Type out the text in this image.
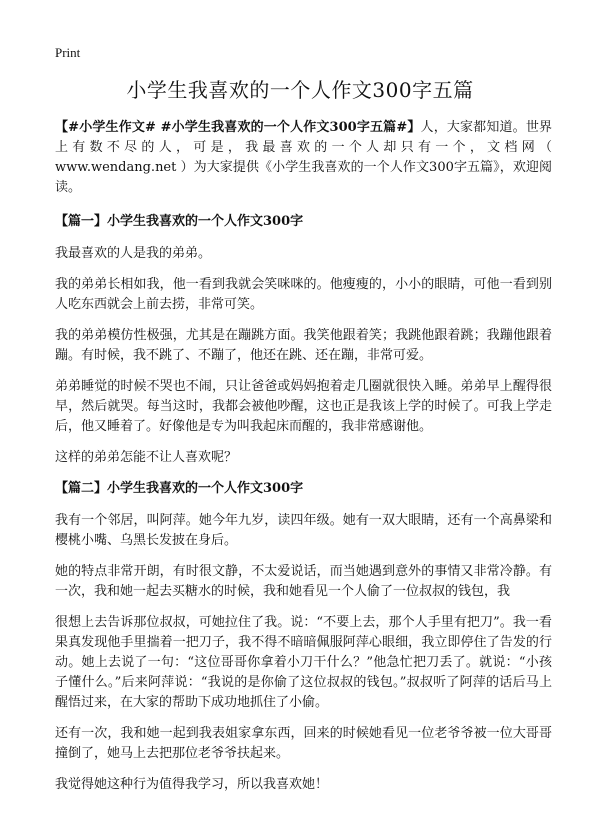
Print
小学生我喜欢的一个人作文300字五篇

【#小学生作文# #小学生我喜欢的一个人作文300字五篇#】人，大家都知道。世界上有数不尽的人，可是，我最喜欢的一个人却只有一个，文档网（ www.wendang.net ）为大家提供《小学生我喜欢的一个人作文300字五篇》，欢迎阅读。

【篇一】小学生我喜欢的一个人作文300字

我最喜欢的人是我的弟弟。

我的弟弟长相如我，他一看到我就会笑咪咪的。他瘦瘦的，小小的眼睛，可他一看到别人吃东西就会上前去捞，非常可笑。

我的弟弟模仿性极强，尤其是在蹦跳方面。我笑他跟着笑；我跳他跟着跳；我蹦他跟着蹦。有时候，我不跳了、不蹦了，他还在跳、还在蹦，非常可爱。

弟弟睡觉的时候不哭也不闹，只让爸爸或妈妈抱着走几圈就很快入睡。弟弟早上醒得很早，然后就哭。每当这时，我都会被他吵醒，这也正是我该上学的时候了。可我上学走后，他又睡着了。好像他是专为叫我起床而醒的，我非常感谢他。

这样的弟弟怎能不让人喜欢呢？

【篇二】小学生我喜欢的一个人作文300字

我有一个邻居，叫阿萍。她今年九岁，读四年级。她有一双大眼睛，还有一个高鼻梁和樱桃小嘴、乌黑长发披在身后。

她的特点非常开朗，有时很文静，不太爱说话，而当她遇到意外的事情又非常冷静。有一次，我和她一起去买糖水的时候，我和她看见一个人偷了一位叔叔的钱包，我

很想上去告诉那位叔叔，可她拉住了我。说：“不要上去，那个人手里有把刀”。我一看果真发现他手里揣着一把刀子，我不得不暗暗佩服阿萍心眼细，我立即停住了告发的行动。她上去说了一句：“这位哥哥你拿着小刀干什么？”他急忙把刀丢了。就说：“小孩子懂什么。”后来阿萍说：“我说的是你偷了这位叔叔的钱包。”叔叔听了阿萍的话后马上醒悟过来，在大家的帮助下成功地抓住了小偷。

还有一次，我和她一起到我表姐家拿东西，回来的时候她看见一位老爷爷被一位大哥哥撞倒了，她马上去把那位老爷爷扶起来。

我觉得她这种行为值得我学习，所以我喜欢她！
